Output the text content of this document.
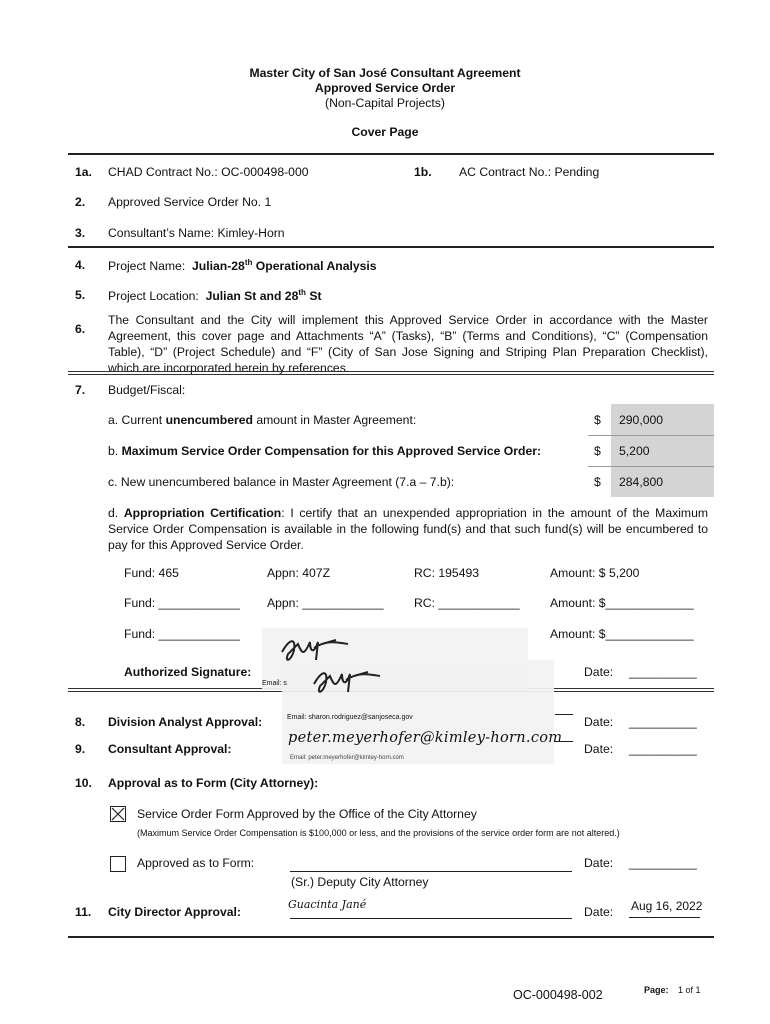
Master City of San José Consultant Agreement
Approved Service Order
(Non-Capital Projects)
Cover Page
1a. CHAD Contract No.: OC-000498-000	1b. AC Contract No.: Pending
2. Approved Service Order No. 1
3. Consultant’s Name: Kimley-Horn
4. Project Name: Julian-28th Operational Analysis
5. Project Location: Julian St and 28th St
6.
The Consultant and the City will implement this Approved Service Order in accordance with the Master Agreement, this cover page and Attachments “A” (Tasks), “B” (Terms and Conditions), “C” (Compensation Table), “D” (Project Schedule) and “F” (City of San Jose Signing and Striping Plan Preparation Checklist), which are incorporated herein by references.
7. Budget/Fiscal:
a. Current unencumbered amount in Master Agreement:	$ 290,000
b. Maximum Service Order Compensation for this Approved Service Order:	$ 5,200
c. New unencumbered balance in Master Agreement (7.a – 7.b):	$ 284,800
d. Appropriation Certification: I certify that an unexpended appropriation in the amount of the Maximum Service Order Compensation is available in the following fund(s) and that such fund(s) will be encumbered to pay for this Approved Service Order.
Fund: 465	Appn: 407Z	RC: 195493	Amount: $ 5,200
Fund: ____________ Appn: ____________ RC: ____________ Amount: $_____________
Fund: ____________	Amount: $_____________
Authorized Signature:	Date: __________
Email: s
8. Division Analyst Approval:	Email: sharon.rodriguez@sanjoseca.gov	Date: __________
9. Consultant Approval:
peter.meyerhofer@kimley-horn.com
Email: peter.meyerhofer@kimley-horn.com
Date: __________
10. Approval as to Form (City Attorney):
Service Order Form Approved by the Office of the City Attorney
(Maximum Service Order Compensation is $100,000 or less, and the provisions of the service order form are not altered.)
Approved as to Form:	Date: __________
(Sr.) Deputy City Attorney
11. City Director Approval:
Guacinta Jané
Date: Aug 16, 2022
OC-000498-002	Page: 1 of 1
